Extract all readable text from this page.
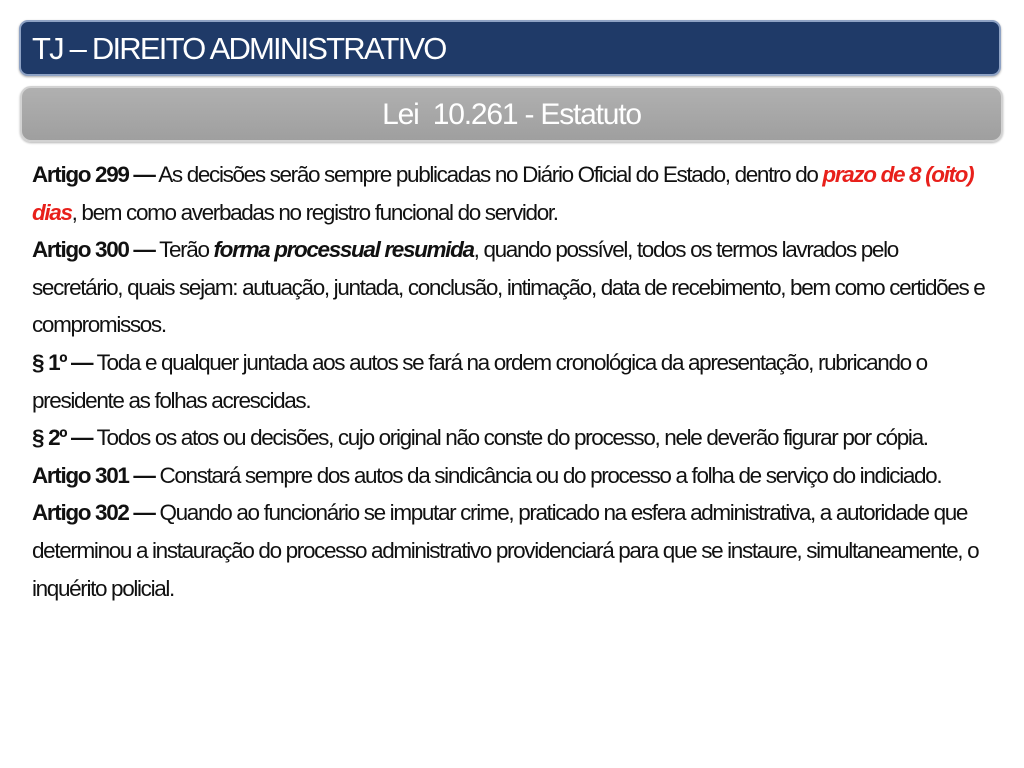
TJ – DIREITO ADMINISTRATIVO
Lei  10.261 - Estatuto

Artigo 299 — As decisões serão sempre publicadas no Diário Oficial do Estado, dentro do prazo de 8 (oito) dias, bem como averbadas no registro funcional do servidor.

Artigo 300 — Terão forma processual resumida, quando possível, todos os termos lavrados pelo secretário, quais sejam: autuação, juntada, conclusão, intimação, data de recebimento, bem como certidões e compromissos.

§ 1º — Toda e qualquer juntada aos autos se fará na ordem cronológica da apresentação, rubricando o presidente as folhas acrescidas.

§ 2º — Todos os atos ou decisões, cujo original não conste do processo, nele deverão figurar por cópia.

Artigo 301 — Constará sempre dos autos da sindicância ou do processo a folha de serviço do indiciado.

Artigo 302 — Quando ao funcionário se imputar crime, praticado na esfera administrativa, a autoridade que determinou a instauração do processo administrativo providenciará para que se instaure, simultaneamente, o inquérito policial.
